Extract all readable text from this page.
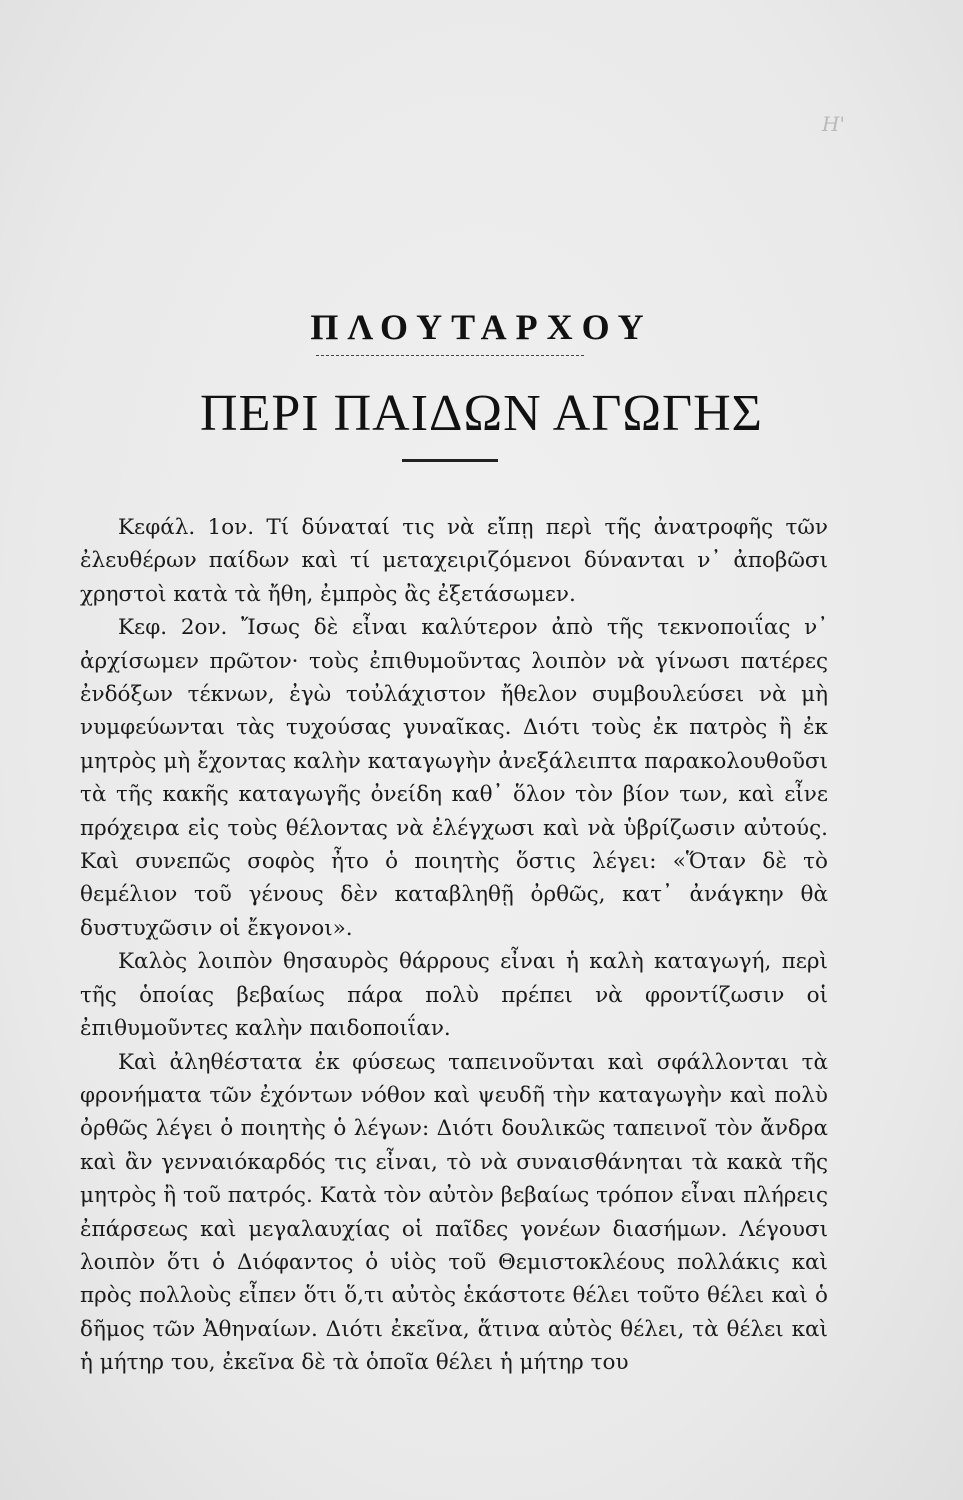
Η'
ΠΛΟΥΤΑΡΧΟΥ
ΠΕΡΙ ΠΑΙΔΩΝ ΑΓΩΓΗΣ

Κεφάλ. 1ον. Τί δύναταί τις νὰ εἴπῃ περὶ τῆς ἀνατροφῆς τῶν ἐλευθέρων παίδων καὶ τί μεταχειριζόμενοι δύνανται ν᾽ ἀποβῶσι χρηστοὶ κατὰ τὰ ἤθη, ἐμπρὸς ἂς ἐξετάσωμεν.

Κεφ. 2ον. Ἴσως δὲ εἶναι καλύτερον ἀπὸ τῆς τεκνοποιΐας ν᾽ ἀρχίσωμεν πρῶτον· τοὺς ἐπιθυμοῦντας λοιπὸν νὰ γίνωσι πατέρες ἐνδόξων τέκνων, ἐγὼ τοὐλάχιστον ἤθελον συμβουλεύσει νὰ μὴ νυμφεύωνται τὰς τυχούσας γυναῖκας. Διότι τοὺς ἐκ πατρὸς ἢ ἐκ μητρὸς μὴ ἔχοντας καλὴν καταγωγὴν ἀνεξάλειπτα παρακολουθοῦσι τὰ τῆς κακῆς καταγωγῆς ὀνείδη καθ᾽ ὅλον τὸν βίον των, καὶ εἶνε πρόχειρα εἰς τοὺς θέλοντας νὰ ἐλέγχωσι καὶ νὰ ὑβρίζωσιν αὐτούς. Καὶ συνεπῶς σοφὸς ἦτο ὁ ποιητὴς ὅστις λέγει: «Ὅταν δὲ τὸ θεμέλιον τοῦ γένους δὲν καταβληθῇ ὀρθῶς, κατ᾽ ἀνάγκην θὰ δυστυχῶσιν οἱ ἔκγονοι».

Καλὸς λοιπὸν θησαυρὸς θάρρους εἶναι ἡ καλὴ καταγωγή, περὶ τῆς ὁποίας βεβαίως πάρα πολὺ πρέπει νὰ φροντίζωσιν οἱ ἐπιθυμοῦντες καλὴν παιδοποιΐαν.

Καὶ ἀληθέστατα ἐκ φύσεως ταπεινοῦνται καὶ σφάλλονται τὰ φρονήματα τῶν ἐχόντων νόθον καὶ ψευδῆ τὴν καταγωγὴν καὶ πολὺ ὀρθῶς λέγει ὁ ποιητὴς ὁ λέγων: Διότι δουλικῶς ταπεινοῖ τὸν ἄνδρα καὶ ἂν γενναιόκαρδός τις εἶναι, τὸ νὰ συναισθάνηται τὰ κακὰ τῆς μητρὸς ἢ τοῦ πατρός. Κατὰ τὸν αὐτὸν βεβαίως τρόπον εἶναι πλήρεις ἐπάρσεως καὶ μεγαλαυχίας οἱ παῖδες γονέων διασήμων. Λέγουσι λοιπὸν ὅτι ὁ Διόφαντος ὁ υἱὸς τοῦ Θεμιστοκλέους πολλάκις καὶ πρὸς πολλοὺς εἶπεν ὅτι ὅ,τι αὐτὸς ἑκάστοτε θέλει τοῦτο θέλει καὶ ὁ δῆμος τῶν Ἀθηναίων. Διότι ἐκεῖνα, ἅτινα αὐτὸς θέλει, τὰ θέλει καὶ ἡ μήτηρ του, ἐκεῖνα δὲ τὰ ὁποῖα θέλει ἡ μήτηρ του
